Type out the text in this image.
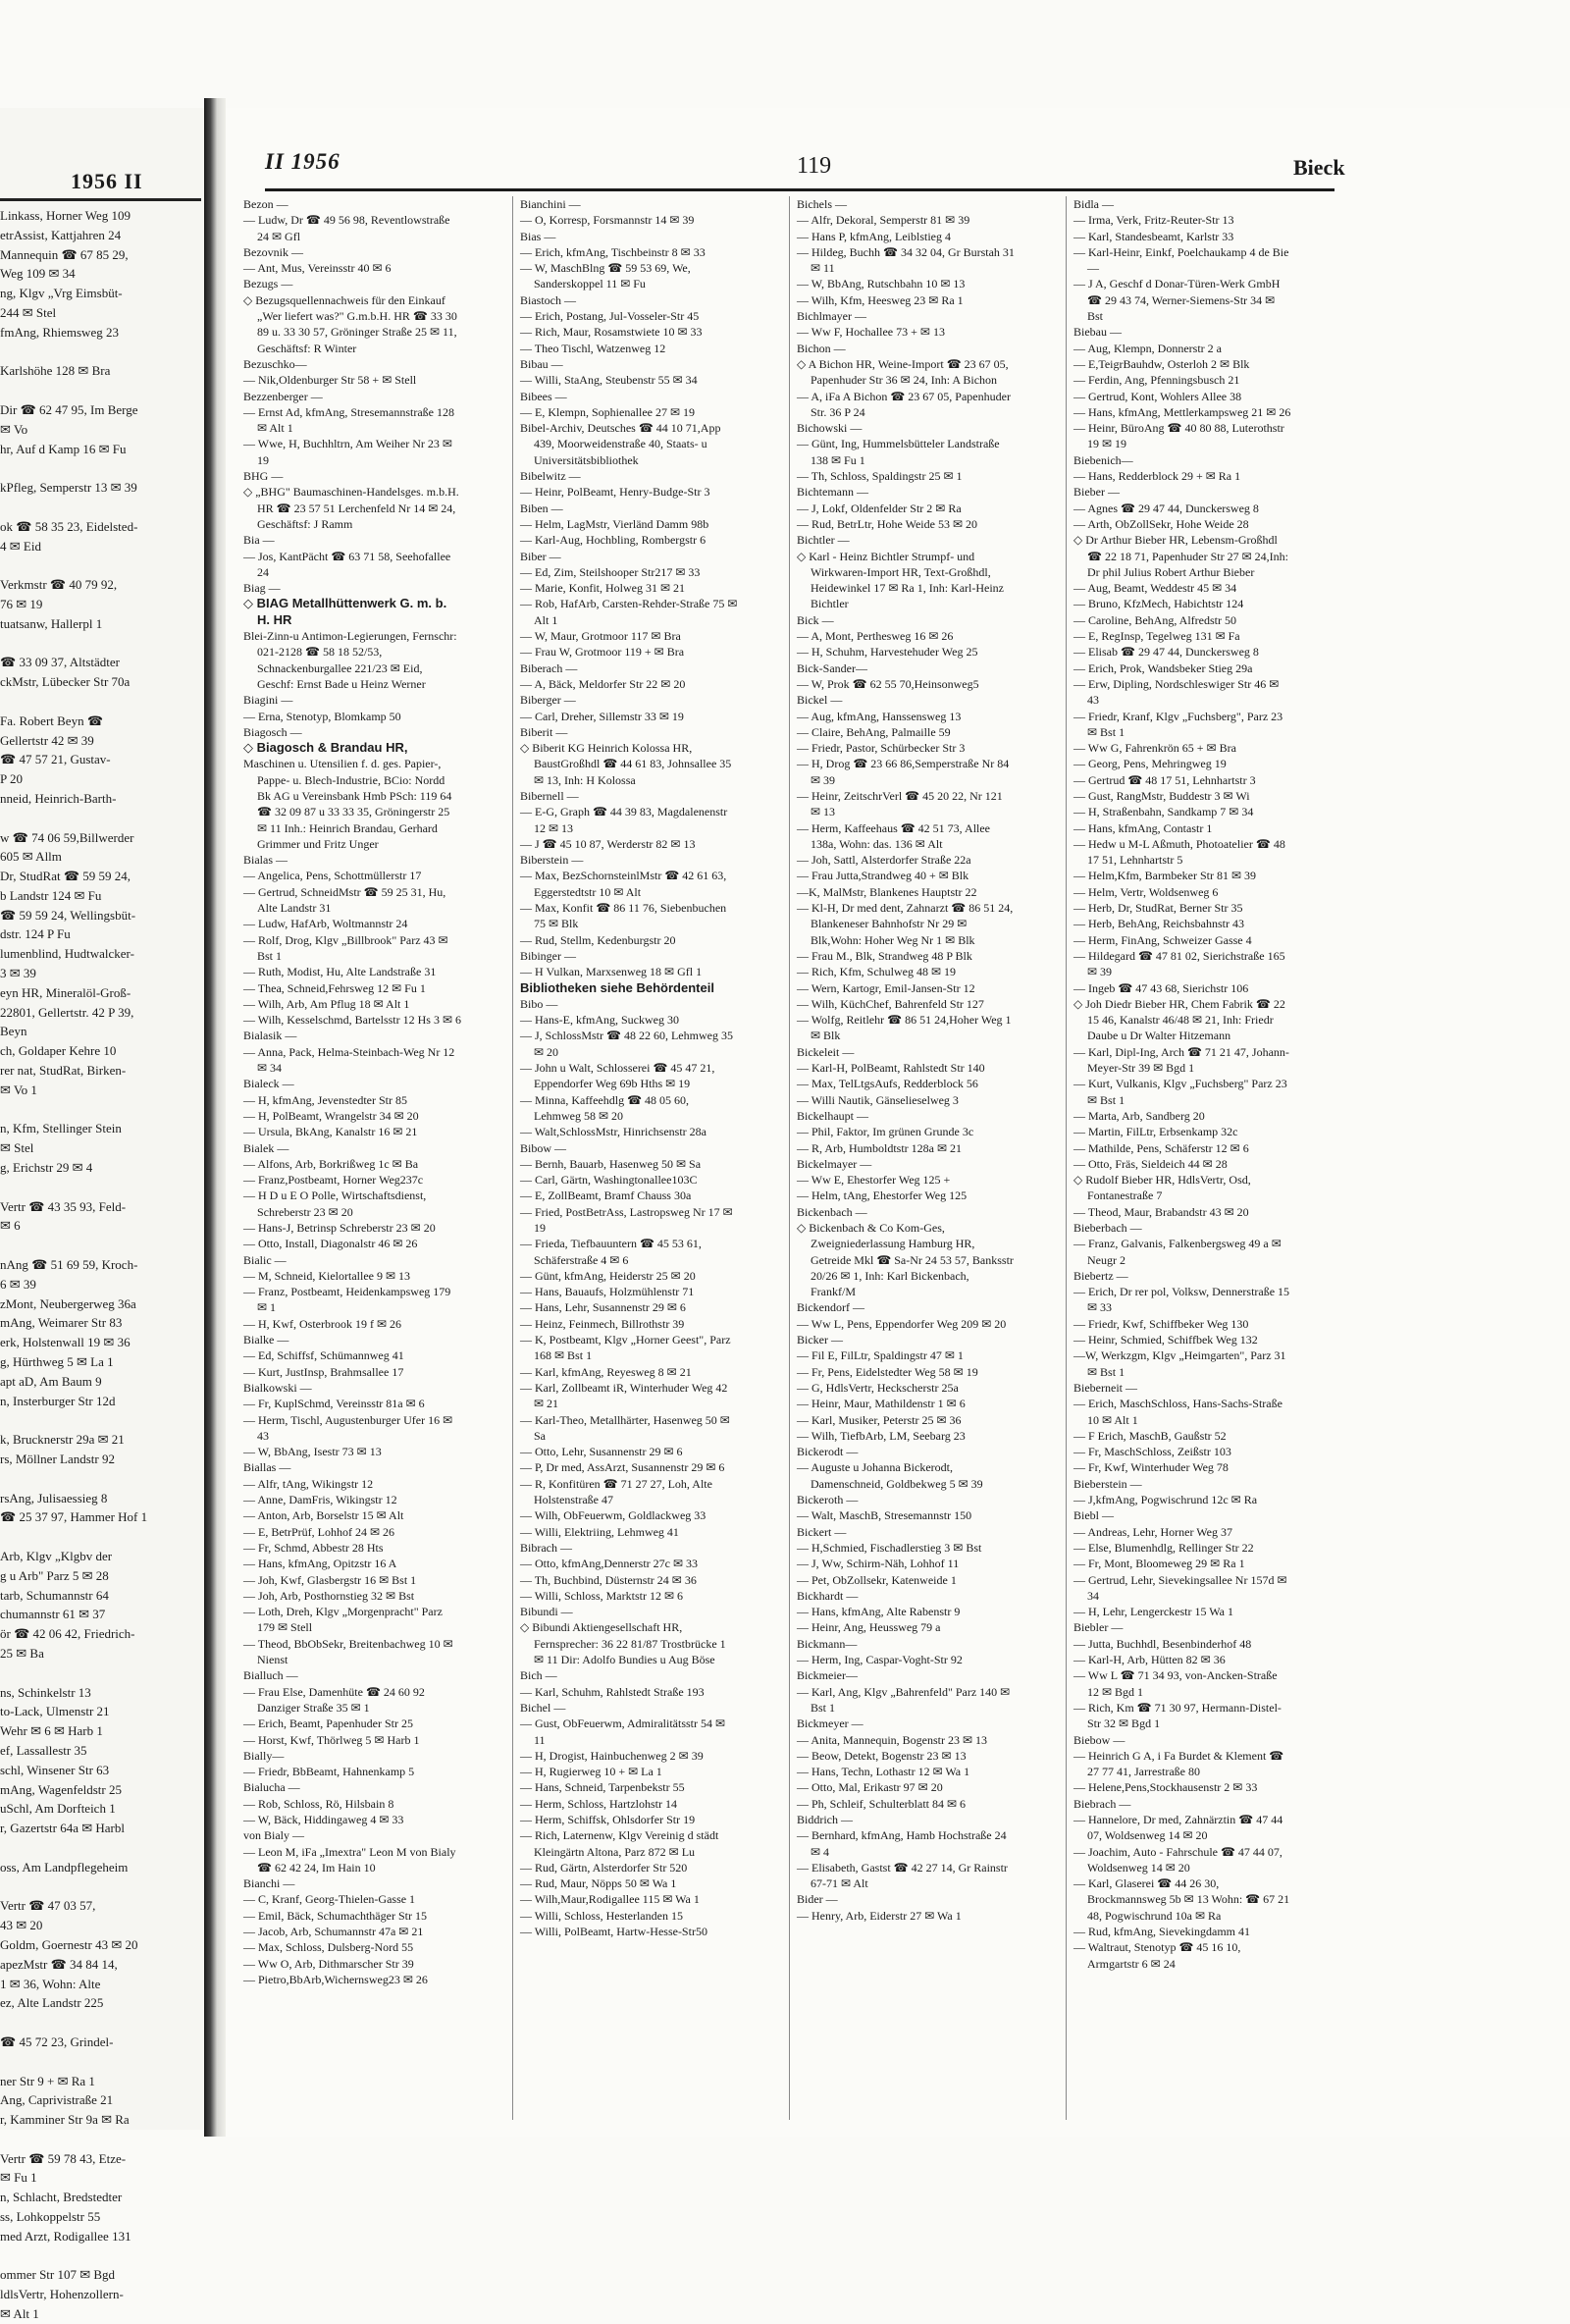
1956 II
Linkass, Horner Weg 109
etrAssist, Kattjahren 24
Mannequin ☎ 67 85 29,
Weg 109 ✉ 34
ng, Klgv „Vrg Eimsbüt-
244 ✉ Stel
fmAng, Rhiemsweg 23

Karlshöhe 128 ✉ Bra

Dir ☎ 62 47 95, Im Berge
✉ Vo
hr, Auf d Kamp 16 ✉ Fu

kPfleg, Semperstr 13 ✉ 39

ok ☎ 58 35 23, Eidelsted-
4 ✉ Eid

Verkmstr ☎ 40 79 92,
76 ✉ 19
tuatsanw, Hallerpl 1

☎ 33 09 37, Altstädter
ckMstr, Lübecker Str 70a

Fa. Robert Beyn ☎
Gellertstr 42 ✉ 39
☎ 47 57 21, Gustav-
P 20
nneid, Heinrich-Barth-

w ☎ 74 06 59,Billwerder
605 ✉ Allm
Dr, StudRat ☎ 59 59 24,
b Landstr 124 ✉ Fu
☎ 59 59 24, Wellingsbüt-
dstr. 124 P Fu
lumenblind, Hudtwalcker-
3 ✉ 39
eyn HR, Mineralöl-Groß-
22801, Gellertstr. 42 P 39,
Beyn
ch, Goldaper Kehre 10
rer nat, StudRat, Birken-
✉ Vo 1

n, Kfm, Stellinger Stein
✉ Stel
g, Erichstr 29 ✉ 4

Vertr ☎ 43 35 93, Feld-
✉ 6

nAng ☎ 51 69 59, Kroch-
6 ✉ 39
zMont, Neubergerweg 36a
mAng, Weimarer Str 83
erk, Holstenwall 19 ✉ 36
g, Hürthweg 5 ✉ La 1
apt aD, Am Baum 9
n, Insterburger Str 12d

k, Brucknerstr 29a ✉ 21
rs, Möllner Landstr 92

rsAng, Julisaessieg 8
☎ 25 37 97, Hammer Hof 1

Arb, Klgv „Klgbv der
g u Arb" Parz 5 ✉ 28
tarb, Schumannstr 64
chumannstr 61 ✉ 37
ör ☎ 42 06 42, Friedrich-
25 ✉ Ba

ns, Schinkelstr 13
to-Lack, Ulmenstr 21
Wehr ✉ 6 ✉ Harb 1
ef, Lassallestr 35
schl, Winsener Str 63
mAng, Wagenfeldstr 25
uSchl, Am Dorfteich 1
r, Gazertstr 64a ✉ Harbl

oss, Am Landpflegeheim

Vertr ☎ 47 03 57,
43 ✉ 20
Goldm, Goernestr 43 ✉ 20
apezMstr ☎ 34 84 14,
1 ✉ 36, Wohn: Alte
ez, Alte Landstr 225

☎ 45 72 23, Grindel-

ner Str 9 + ✉ Ra 1
Ang, Caprivistraße 21
r, Kamminer Str 9a ✉ Ra

Vertr ☎ 59 78 43, Etze-
✉ Fu 1
n, Schlacht, Bredstedter
ss, Lohkoppelstr 55
med Arzt, Rodigallee 131

ommer Str 107 ✉ Bgd
ldlsVertr, Hohenzollern-
✉ Alt 1
II 1956	119	Bieck
Bezon —
— Ludw, Dr ☎ 49 56 98, Reventlowstraße 24 ✉ Gfl
Bezovnik —
— Ant, Mus, Vereinsstr 40 ✉ 6
Bezugs —
◇ Bezugsquellennachweis für den Einkauf „Wer liefert was?" G.m.b.H. HR ☎ 33 30 89 u. 33 30 57, Gröninger Straße 25 ✉ 11, Geschäftsf: R Winter
Bezuschko—
— Nik,Oldenburger Str 58 + ✉ Stell
Bezzenberger —
— Ernst Ad, kfmAng, Stresemannstraße 128 ✉ Alt 1
— Wwe, H, Buchhltrn, Am Weiher Nr 23 ✉ 19
BHG —
◇ „BHG" Baumaschinen-Handelsges. m.b.H. HR ☎ 23 57 51 Lerchenfeld Nr 14 ✉ 24, Geschäftsf: J Ramm
Bia —
— Jos, KantPächt ☎ 63 71 58, Seehofallee 24
Biag —
◇ BIAG Metallhüttenwerk G. m. b. H. HR
Blei-Zinn-u Antimon-Legierungen, Fernschr: 021-2128 ☎ 58 18 52/53, Schnackenburgallee 221/23 ✉ Eid, Geschf: Ernst Bade u Heinz Werner
Biagini —
— Erna, Stenotyp, Blomkamp 50
Biagosch —
◇ Biagosch & Brandau HR,
Maschinen u. Utensilien f. d. ges. Papier-, Pappe- u. Blech-Industrie, BCio: Nordd Bk AG u Vereinsbank Hmb PSch: 119 64 ☎ 32 09 87 u 33 33 35, Gröningerstr 25 ✉ 11 Inh.: Heinrich Brandau, Gerhard Grimmer und Fritz Unger
Bialas —
— Angelica, Pens, Schottmüllerstr 17
— Gertrud, SchneidMstr ☎ 59 25 31, Hu, Alte Landstr 31
— Ludw, HafArb, Woltmannstr 24
— Rolf, Drog, Klgv „Billbrook" Parz 43 ✉ Bst 1
— Ruth, Modist, Hu, Alte Landstraße 31
— Thea, Schneid,Fehrsweg 12 ✉ Fu 1
— Wilh, Arb, Am Pflug 18 ✉ Alt 1
— Wilh, Kesselschmd, Bartelsstr 12 Hs 3 ✉ 6
Bialasik —
— Anna, Pack, Helma-Steinbach-Weg Nr 12 ✉ 34
Bialeck —
— H, kfmAng, Jevenstedter Str 85
— H, PolBeamt, Wrangelstr 34 ✉ 20
— Ursula, BkAng, Kanalstr 16 ✉ 21
Bialek —
— Alfons, Arb, Borkrißweg 1c ✉ Ba
— Franz,Postbeamt, Horner Weg237c
— H D u E O Polle, Wirtschaftsdienst, Schreberstr 23 ✉ 20
— Hans-J, Betrinsp Schreberstr 23 ✉ 20
— Otto, Install, Diagonalstr 46 ✉ 26
Bialic —
— M, Schneid, Kielortallee 9 ✉ 13
— Franz, Postbeamt, Heidenkampsweg 179 ✉ 1
— H, Kwf, Osterbrook 19 f ✉ 26
Bialke —
— Ed, Schiffsf, Schümannweg 41
— Kurt, JustInsp, Brahmsallee 17
Bialkowski —
— Fr, KuplSchmd, Vereinsstr 81a ✉ 6
— Herm, Tischl, Augustenburger Ufer 16 ✉ 43
— W, BbAng, Isestr 73 ✉ 13
Biallas —
— Alfr, tAng, Wikingstr 12
— Anne, DamFris, Wikingstr 12
— Anton, Arb, Borselstr 15 ✉ Alt
— E, BetrPrüf, Lohhof 24 ✉ 26
— Fr, Schmd, Abbestr 28 Hts
— Hans, kfmAng, Opitzstr 16 A
— Joh, Kwf, Glasbergstr 16 ✉ Bst 1
— Joh, Arb, Posthornstieg 32 ✉ Bst
— Loth, Dreh, Klgv „Morgenpracht" Parz 179 ✉ Stell
— Theod, BbObSekr, Breitenbachweg 10 ✉ Nienst
Bialluch —
— Frau Else, Damenhüte ☎ 24 60 92 Danziger Straße 35 ✉ 1
— Erich, Beamt, Papenhuder Str 25
— Horst, Kwf, Thörlweg 5 ✉ Harb 1
Bially—
— Friedr, BbBeamt, Hahnenkamp 5
Bialucha —
— Rob, Schloss, Rö, Hilsbain 8
— W, Bäck, Hiddingaweg 4 ✉ 33
von Bialy —
— Leon M, iFa „Imextra" Leon M von Bialy ☎ 62 42 24, Im Hain 10
Bianchi —
— C, Kranf, Georg-Thielen-Gasse 1
— Emil, Bäck, Schumachthäger Str 15
— Jacob, Arb, Schumannstr 47a ✉ 21
— Max, Schloss, Dulsberg-Nord 55
— Ww O, Arb, Dithmarscher Str 39
— Pietro,BbArb,Wichernsweg23 ✉ 26
Bianchini —
— O, Korresp, Forsmannstr 14 ✉ 39
Bias —
— Erich, kfmAng, Tischbeinstr 8 ✉ 33
— W, MaschBlng ☎ 59 53 69, We, Sanderskoppel 11 ✉ Fu
Biastoch —
— Erich, Postang, Jul-Vosseler-Str 45
— Rich, Maur, Rosamstwiete 10 ✉ 33
— Theo Tischl, Watzenweg 12
Bibau —
— Willi, StaAng, Steubenstr 55 ✉ 34
Bibees —
— E, Klempn, Sophienallee 27 ✉ 19
Bibel-Archiv, Deutsches ☎ 44 10 71,App 439, Moorweidenstraße 40, Staats- u Universitätsbibliothek
Bibelwitz —
— Heinr, PolBeamt, Henry-Budge-Str 3
Biben —
— Helm, LagMstr, Vierländ Damm 98b
— Karl-Aug, Hochbling, Rombergstr 6
Biber —
— Ed, Zim, Steilshooper Str217 ✉ 33
— Marie, Konfit, Holweg 31 ✉ 21
— Rob, HafArb, Carsten-Rehder-Straße 75 ✉ Alt 1
— W, Maur, Grotmoor 117 ✉ Bra
— Frau W, Grotmoor 119 + ✉ Bra
Biberach —
— A, Bäck, Meldorfer Str 22 ✉ 20
Biberger —
— Carl, Dreher, Sillemstr 33 ✉ 19
Biberit —
◇ Biberit KG Heinrich Kolossa HR, BaustGroßhdl ☎ 44 61 83, Johnsallee 35 ✉ 13, Inh: H Kolossa
Bibernell —
— E-G, Graph ☎ 44 39 83, Magdalenenstr 12 ✉ 13
— J ☎ 45 10 87, Werderstr 82 ✉ 13
Biberstein —
— Max, BezSchornsteinlMstr ☎ 42 61 63, Eggerstedtstr 10 ✉ Alt
— Max, Konfit ☎ 86 11 76, Siebenbuchen 75 ✉ Blk
— Rud, Stellm, Kedenburgstr 20
Bibinger —
— H Vulkan, Marxsenweg 18 ✉ Gfl 1
Bibliotheken siehe Behördenteil
Bibo —
— Hans-E, kfmAng, Suckweg 30
— J, SchlossMstr ☎ 48 22 60, Lehmweg 35 ✉ 20
— John u Walt, Schlosserei ☎ 45 47 21, Eppendorfer Weg 69b Hths ✉ 19
— Minna, Kaffeehdlg ☎ 48 05 60, Lehmweg 58 ✉ 20
— Walt,SchlossMstr, Hinrichsenstr 28a
Bibow —
— Bernh, Bauarb, Hasenweg 50 ✉ Sa
— Carl, Gärtn, Washingtonallee103C
— E, ZollBeamt, Bramf Chauss 30a
— Fried, PostBetrAss, Lastropsweg Nr 17 ✉ 19
— Frieda, Tiefbauuntern ☎ 45 53 61, Schäferstraße 4 ✉ 6
— Günt, kfmAng, Heiderstr 25 ✉ 20
— Hans, Bauaufs, Holzmühlenstr 71
— Hans, Lehr, Susannenstr 29 ✉ 6
— Heinz, Feinmech, Billrothstr 39
— K, Postbeamt, Klgv „Horner Geest", Parz 168 ✉ Bst 1
— Karl, kfmAng, Reyesweg 8 ✉ 21
— Karl, Zollbeamt iR, Winterhuder Weg 42 ✉ 21
— Karl-Theo, Metallhärter, Hasenweg 50 ✉ Sa
— Otto, Lehr, Susannenstr 29 ✉ 6
— P, Dr med, AssArzt, Susannenstr 29 ✉ 6
— R, Konfitüren ☎ 71 27 27, Loh, Alte Holstenstraße 47
— Wilh, ObFeuerwm, Goldlackweg 33
— Willi, Elektriing, Lehmweg 41
Bibrach —
— Otto, kfmAng,Dennerstr 27c ✉ 33
— Th, Buchbind, Düsternstr 24 ✉ 36
— Willi, Schloss, Marktstr 12 ✉ 6
Bibundi —
◇ Bibundi Aktiengesellschaft HR, Fernsprecher: 36 22 81/87 Trostbrücke 1 ✉ 11 Dir: Adolfo Bundies u Aug Böse
Bich —
— Karl, Schuhm, Rahlstedt Straße 193
Bichel —
— Gust, ObFeuerwm, Admiralitätsstr 54 ✉ 11
— H, Drogist, Hainbuchenweg 2 ✉ 39
— H, Rugierweg 10 + ✉ La 1
— Hans, Schneid, Tarpenbekstr 55
— Herm, Schloss, Hartzlohstr 14
— Herm, Schiffsk, Ohlsdorfer Str 19
— Rich, Laternenw, Klgv Vereinig d städt Kleingärtn Altona, Parz 872 ✉ Lu
— Rud, Gärtn, Alsterdorfer Str 520
— Rud, Maur, Nöpps 50 ✉ Wa 1
— Wilh,Maur,Rodigallee 115 ✉ Wa 1
— Willi, Schloss, Hesterlanden 15
— Willi, PolBeamt, Hartw-Hesse-Str50
Bichels —
— Alfr, Dekoral, Semperstr 81 ✉ 39
— Hans P, kfmAng, Leiblstieg 4
— Hildeg, Buchh ☎ 34 32 04, Gr Burstah 31 ✉ 11
— W, BbAng, Rutschbahn 10 ✉ 13
— Wilh, Kfm, Heesweg 23 ✉ Ra 1
Bichlmayer —
— Ww F, Hochallee 73 + ✉ 13
Bichon —
◇ A Bichon HR, Weine-Import ☎ 23 67 05, Papenhuder Str 36 ✉ 24, Inh: A Bichon
— A, iFa A Bichon ☎ 23 67 05, Papenhuder Str. 36 P 24
Bichowski —
— Günt, Ing, Hummelsbütteler Landstraße 138 ✉ Fu 1
— Th, Schloss, Spaldingstr 25 ✉ 1
Bichtemann —
— J, Lokf, Oldenfelder Str 2 ✉ Ra
— Rud, BetrLtr, Hohe Weide 53 ✉ 20
Bichtler —
◇ Karl - Heinz Bichtler Strumpf- und Wirkwaren-Import HR, Text-Großhdl, Heidewinkel 17 ✉ Ra 1, Inh: Karl-Heinz Bichtler
Bick —
— A, Mont, Perthesweg 16 ✉ 26
— H, Schuhm, Harvestehuder Weg 25
Bick-Sander—
— W, Prok ☎ 62 55 70,Heinsonweg5
Bickel —
— Aug, kfmAng, Hanssensweg 13
— Claire, BehAng, Palmaille 59
— Friedr, Pastor, Schürbecker Str 3
— H, Drog ☎ 23 66 86,Semperstraße Nr 84 ✉ 39
— Heinr, ZeitschrVerl ☎ 45 20 22, Nr 121 ✉ 13
— Herm, Kaffeehaus ☎ 42 51 73, Allee 138a, Wohn: das. 136 ✉ Alt
— Joh, Sattl, Alsterdorfer Straße 22a
— Frau Jutta,Strandweg 40 + ✉ Blk
—K, MalMstr, Blankenes Hauptstr 22
— Kl-H, Dr med dent, Zahnarzt ☎ 86 51 24, Blankeneser Bahnhofstr Nr 29 ✉ Blk,Wohn: Hoher Weg Nr 1 ✉ Blk
— Frau M., Blk, Strandweg 48 P Blk
— Rich, Kfm, Schulweg 48 ✉ 19
— Wern, Kartogr, Emil-Jansen-Str 12
— Wilh, KüchChef, Bahrenfeld Str 127
— Wolfg, Reitlehr ☎ 86 51 24,Hoher Weg 1 ✉ Blk
Bickeleit —
— Karl-H, PolBeamt, Rahlstedt Str 140
— Max, TelLtgsAufs, Redderblock 56
— Willi Nautik, Gänselieselweg 3
Bickelhaupt —
— Phil, Faktor, Im grünen Grunde 3c
— R, Arb, Humboldtstr 128a ✉ 21
Bickelmayer —
— Ww E, Ehestorfer Weg 125 +
— Helm, tAng, Ehestorfer Weg 125
Bickenbach —
◇ Bickenbach & Co Kom-Ges, Zweigniederlassung Hamburg HR, Getreide Mkl ☎ Sa-Nr 24 53 57, Banksstr 20/26 ✉ 1, Inh: Karl Bickenbach, Frankf/M
Bickendorf —
— Ww L, Pens, Eppendorfer Weg 209 ✉ 20
Bicker —
— Fil E, FilLtr, Spaldingstr 47 ✉ 1
— Fr, Pens, Eidelstedter Weg 58 ✉ 19
— G, HdlsVertr, Heckscherstr 25a
— Heinr, Maur, Mathildenstr 1 ✉ 6
— Karl, Musiker, Peterstr 25 ✉ 36
— Wilh, TiefbArb, LM, Seebarg 23
Bickerodt —
— Auguste u Johanna Bickerodt, Damenschneid, Goldbekweg 5 ✉ 39
Bickeroth —
— Walt, MaschB, Stresemannstr 150
Bickert —
— H,Schmied, Fischadlerstieg 3 ✉ Bst
— J, Ww, Schirm-Näh, Lohhof 11
— Pet, ObZollsekr, Katenweide 1
Bickhardt —
— Hans, kfmAng, Alte Rabenstr 9
— Heinr, Ang, Heussweg 79 a
Bickmann—
— Herm, Ing, Caspar-Voght-Str 92
Bickmeier—
— Karl, Ang, Klgv „Bahrenfeld" Parz 140 ✉ Bst 1
Bickmeyer —
— Anita, Mannequin, Bogenstr 23 ✉ 13
— Beow, Detekt, Bogenstr 23 ✉ 13
— Hans, Techn, Lothastr 12 ✉ Wa 1
— Otto, Mal, Erikastr 97 ✉ 20
— Ph, Schleif, Schulterblatt 84 ✉ 6
Biddrich —
— Bernhard, kfmAng, Hamb Hochstraße 24 ✉ 4
— Elisabeth, Gastst ☎ 42 27 14, Gr Rainstr 67-71 ✉ Alt
Bider —
— Henry, Arb, Eiderstr 27 ✉ Wa 1
Bidla —
— Irma, Verk, Fritz-Reuter-Str 13
— Karl, Standesbeamt, Karlstr 33
— Karl-Heinr, Einkf, Poelchaukamp 4 de Bie —
— J A, Geschf d Donar-Türen-Werk GmbH ☎ 29 43 74, Werner-Siemens-Str 34 ✉ Bst
Biebau —
— Aug, Klempn, Donnerstr 2 a
— E,TeigrBauhdw, Osterloh 2 ✉ Blk
— Ferdin, Ang, Pfenningsbusch 21
— Gertrud, Kont, Wohlers Allee 38
— Hans, kfmAng, Mettlerkampsweg 21 ✉ 26
— Heinr, BüroAng ☎ 40 80 88, Luterothstr 19 ✉ 19
Biebenich—
— Hans, Redderblock 29 + ✉ Ra 1
Bieber —
— Agnes ☎ 29 47 44, Dunckersweg 8
— Arth, ObZollSekr, Hohe Weide 28
◇ Dr Arthur Bieber HR, Lebensm-Großhdl ☎ 22 18 71, Papenhuder Str 27 ✉ 24,Inh: Dr phil Julius Robert Arthur Bieber
— Aug, Beamt, Weddestr 45 ✉ 34
— Bruno, KfzMech, Habichtstr 124
— Caroline, BehAng, Alfredstr 50
— E, RegInsp, Tegelweg 131 ✉ Fa
— Elisab ☎ 29 47 44, Dunckersweg 8
— Erich, Prok, Wandsbeker Stieg 29a
— Erw, Dipling, Nordschleswiger Str 46 ✉ 43
— Friedr, Kranf, Klgv „Fuchsberg", Parz 23 ✉ Bst 1
— Ww G, Fahrenkrön 65 + ✉ Bra
— Georg, Pens, Mehringweg 19
— Gertrud ☎ 48 17 51, Lehnhartstr 3
— Gust, RangMstr, Buddestr 3 ✉ Wi
— H, Straßenbahn, Sandkamp 7 ✉ 34
— Hans, kfmAng, Contastr 1
— Hedw u M-L Aßmuth, Photoatelier ☎ 48 17 51, Lehnhartstr 5
— Helm,Kfm, Barmbeker Str 81 ✉ 39
— Helm, Vertr, Woldsenweg 6
— Herb, Dr, StudRat, Berner Str 35
— Herb, BehAng, Reichsbahnstr 43
— Herm, FinAng, Schweizer Gasse 4
— Hildegard ☎ 47 81 02, Sierichstraße 165 ✉ 39
— Ingeb ☎ 47 43 68, Sierichstr 106
◇ Joh Diedr Bieber HR, Chem Fabrik ☎ 22 15 46, Kanalstr 46/48 ✉ 21, Inh: Friedr Daube u Dr Walter Hitzemann
— Karl, Dipl-Ing, Arch ☎ 71 21 47, Johann-Meyer-Str 39 ✉ Bgd 1
— Kurt, Vulkanis, Klgv „Fuchsberg" Parz 23 ✉ Bst 1
— Marta, Arb, Sandberg 20
— Martin, FilLtr, Erbsenkamp 32c
— Mathilde, Pens, Schäferstr 12 ✉ 6
— Otto, Fräs, Sieldeich 44 ✉ 28
◇ Rudolf Bieber HR, HdlsVertr, Osd, Fontanestraße 7
— Theod, Maur, Brabandstr 43 ✉ 20
Bieberbach —
— Franz, Galvanis, Falkenbergsweg 49 a ✉ Neugr 2
Biebertz —
— Erich, Dr rer pol, Volksw, Dennerstraße 15 ✉ 33
— Friedr, Kwf, Schiffbeker Weg 130
— Heinr, Schmied, Schiffbek Weg 132
—W, Werkzgm, Klgv „Heimgarten", Parz 31 ✉ Bst 1
Bieberneit —
— Erich, MaschSchloss, Hans-Sachs-Straße 10 ✉ Alt 1
— F Erich, MaschB, Gaußstr 52
— Fr, MaschSchloss, Zeißstr 103
— Fr, Kwf, Winterhuder Weg 78
Bieberstein —
— J,kfmAng, Pogwischrund 12c ✉ Ra
Biebl —
— Andreas, Lehr, Horner Weg 37
— Else, Blumenhdlg, Rellinger Str 22
— Fr, Mont, Bloomeweg 29 ✉ Ra 1
— Gertrud, Lehr, Sievekingsallee Nr 157d ✉ 34
— H, Lehr, Lengerckestr 15 Wa 1
Biebler —
— Jutta, Buchhdl, Besenbinderhof 48
— Karl-H, Arb, Hütten 82 ✉ 36
— Ww L ☎ 71 34 93, von-Ancken-Straße 12 ✉ Bgd 1
— Rich, Km ☎ 71 30 97, Hermann-Distel-Str 32 ✉ Bgd 1
Biebow —
— Heinrich G A, i Fa Burdet & Klement ☎ 27 77 41, Jarrestraße 80
— Helene,Pens,Stockhausenstr 2 ✉ 33
Biebrach —
— Hannelore, Dr med, Zahnärztin ☎ 47 44 07, Woldsenweg 14 ✉ 20
— Joachim, Auto - Fahrschule ☎ 47 44 07, Woldsenweg 14 ✉ 20
— Karl, Glaserei ☎ 44 26 30, Brockmannsweg 5b ✉ 13 Wohn: ☎ 67 21 48, Pogwischrund 10a ✉ Ra
— Rud, kfmAng, Sievekingdamm 41
— Waltraut, Stenotyp ☎ 45 16 10, Armgartstr 6 ✉ 24
